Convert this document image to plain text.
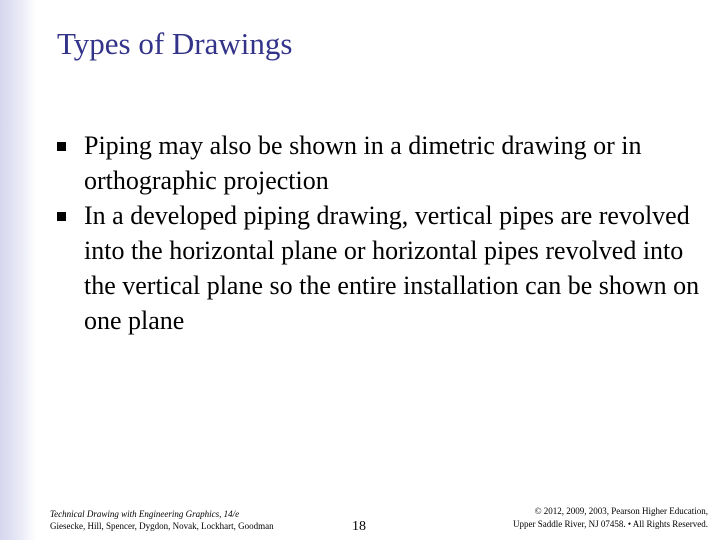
Types of Drawings
Piping may also be shown in a dimetric drawing or in orthographic projection
In a developed piping drawing, vertical pipes are revolved into the horizontal plane or horizontal pipes revolved into the vertical plane so the entire installation can be shown on one plane
Technical Drawing with Engineering Graphics, 14/e
Giesecke, Hill, Spencer, Dygdon, Novak, Lockhart, Goodman	18
© 2012, 2009, 2003, Pearson Higher Education,
Upper Saddle River, NJ 07458. • All Rights Reserved.
